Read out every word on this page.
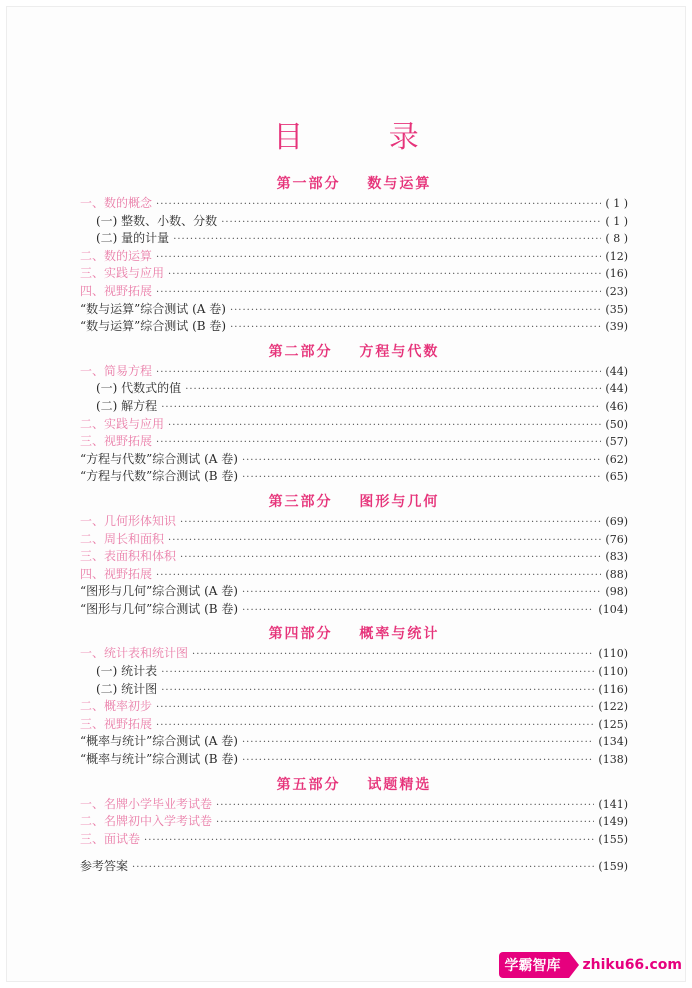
目 录
第一部分 数与运算
一、数的概念 ·····	( 1 )
(一) 整数、小数、分数 ·····	( 1 )
(二) 量的计量 ·····	( 8 )
二、数的运算 ·····	(12)
三、实践与应用 ·····	(16)
四、视野拓展 ·····	(23)
“数与运算”综合测试 (A 卷) ·····	(35)
“数与运算”综合测试 (B 卷) ·····	(39)
第二部分 方程与代数
一、简易方程 ·····	(44)
(一) 代数式的值 ·····	(44)
(二) 解方程 ·····	(46)
二、实践与应用 ·····	(50)
三、视野拓展 ·····	(57)
“方程与代数”综合测试 (A 卷) ·····	(62)
“方程与代数”综合测试 (B 卷) ·····	(65)
第三部分 图形与几何
一、几何形体知识 ·····	(69)
二、周长和面积 ·····	(76)
三、表面积和体积 ·····	(83)
四、视野拓展 ·····	(88)
“图形与几何”综合测试 (A 卷) ·····	(98)
“图形与几何”综合测试 (B 卷) ·····	(104)
第四部分 概率与统计
一、统计表和统计图 ·····	(110)
(一) 统计表 ·····	(110)
(二) 统计图 ·····	(116)
二、概率初步 ·····	(122)
三、视野拓展 ·····	(125)
“概率与统计”综合测试 (A 卷) ·····	(134)
“概率与统计”综合测试 (B 卷) ·····	(138)
第五部分 试题精选
一、名牌小学毕业考试卷 ·····	(141)
二、名牌初中入学考试卷 ·····	(149)
三、面试卷 ·····	(155)
参考答案 ·····	(159)
学霸智库	zhiku66.com
